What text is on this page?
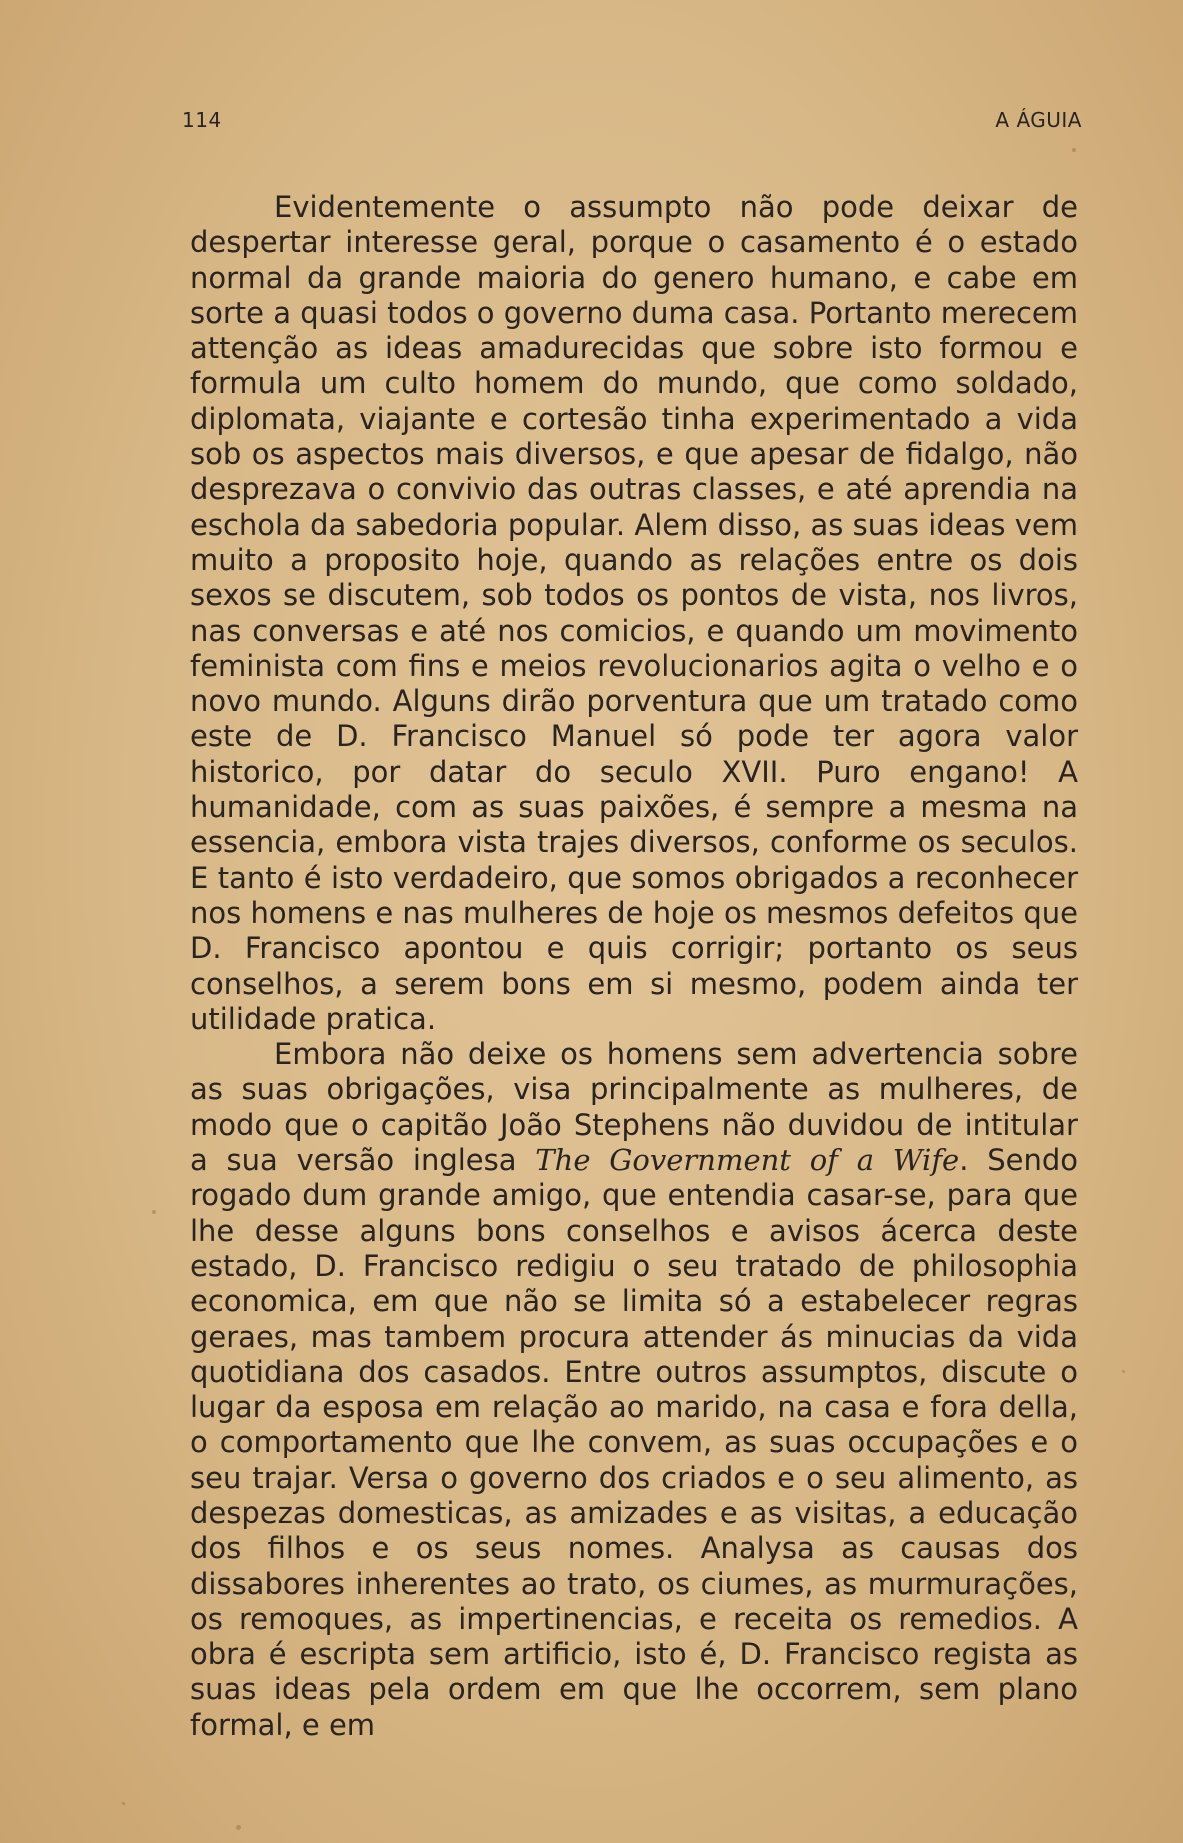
114	A ÁGUIA

Evidentemente o assumpto não pode deixar de despertar interesse geral, porque o casamento é o estado normal da grande maioria do genero humano, e cabe em sorte a quasi todos o governo duma casa. Portanto merecem attenção as ideas amadurecidas que sobre isto formou e formula um culto homem do mundo, que como soldado, diplomata, viajante e cortesão tinha experimentado a vida sob os aspectos mais diversos, e que apesar de fidalgo, não desprezava o convivio das outras classes, e até aprendia na eschola da sabedoria popular. Alem disso, as suas ideas vem muito a proposito hoje, quando as relações entre os dois sexos se discutem, sob todos os pontos de vista, nos livros, nas conversas e até nos comicios, e quando um movimento feminista com fins e meios revolucionarios agita o velho e o novo mundo. Alguns dirão porventura que um tratado como este de D. Francisco Manuel só pode ter agora valor historico, por datar do seculo XVII. Puro engano! A humanidade, com as suas paixões, é sempre a mesma na essencia, embora vista trajes diversos, conforme os seculos. E tanto é isto verdadeiro, que somos obrigados a reconhecer nos homens e nas mulheres de hoje os mesmos defeitos que D. Francisco apontou e quis corrigir; portanto os seus conselhos, a serem bons em si mesmo, podem ainda ter utilidade pratica.

Embora não deixe os homens sem advertencia sobre as suas obrigações, visa principalmente as mulheres, de modo que o capitão João Stephens não duvidou de intitular a sua versão inglesa The Government of a Wife. Sendo rogado dum grande amigo, que entendia casar-se, para que lhe desse alguns bons conselhos e avisos ácerca deste estado, D. Francisco redigiu o seu tratado de philosophia economica, em que não se limita só a estabelecer regras geraes, mas tambem procura attender ás minucias da vida quotidiana dos casados. Entre outros assumptos, discute o lugar da esposa em relação ao marido, na casa e fora della, o comportamento que lhe convem, as suas occupações e o seu trajar. Versa o governo dos criados e o seu alimento, as despezas domesticas, as amizades e as visitas, a educação dos filhos e os seus nomes. Analysa as causas dos dissabores inherentes ao trato, os ciumes, as murmurações, os remoques, as impertinencias, e receita os remedios. A obra é escripta sem artificio, isto é, D. Francisco regista as suas ideas pela ordem em que lhe occorrem, sem plano formal, e em
